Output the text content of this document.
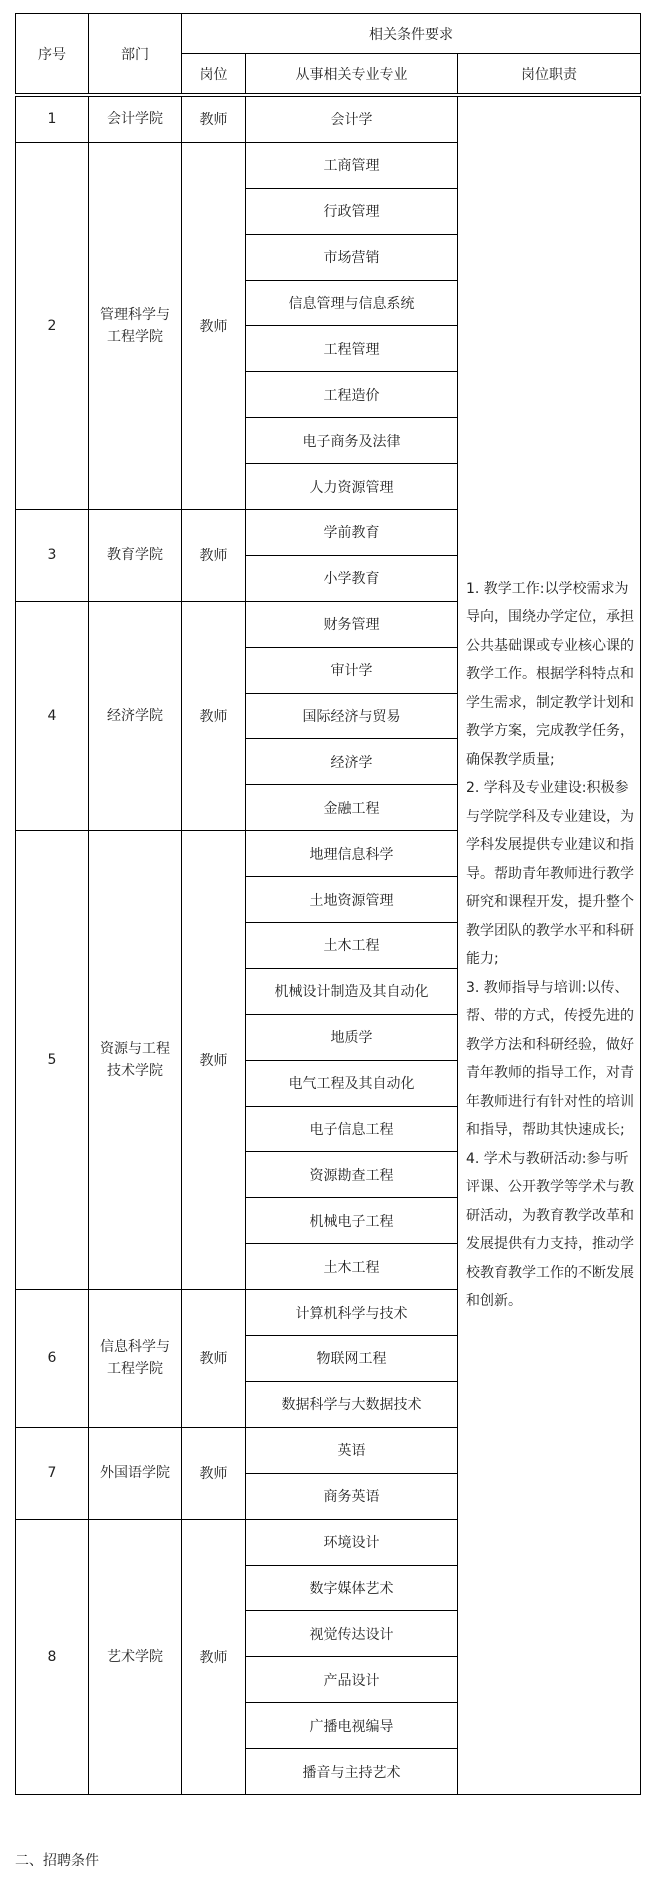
序号	部门	相关条件要求		
		岗位	从事相关专业专业	岗位职责

1	会计学院	教师	会计学	1. 教学工作:以学校需求为导向，围绕办学定位，承担公共基础课或专业核心课的教学工作。根据学科特点和学生需求，制定教学计划和教学方案，完成教学任务，确保教学质量;

2. 学科及专业建设:积极参与学院学科及专业建设，为学科发展提供专业建议和指导。帮助青年教师进行教学研究和课程开发，提升整个教学团队的教学水平和科研能力;

3. 教师指导与培训:以传、帮、带的方式，传授先进的教学方法和科研经验，做好青年教师的指导工作，对青年教师进行有针对性的培训和指导，帮助其快速成长;

4. 学术与教研活动:参与听评课、公开教学等学术与教研活动，为教育教学改革和发展提供有力支持，推动学校教育教学工作的不断发展和创新。

2	管理科学与工程学院	教师	工商管理	
			行政管理	
			市场营销	
			信息管理与信息系统	
			工程管理	
			工程造价	
			电子商务及法律	
			人力资源管理	
3	教育学院	教师	学前教育	
			小学教育	
4	经济学院	教师	财务管理	
			审计学	
			国际经济与贸易	
			经济学	
			金融工程	
5	资源与工程技术学院	教师	地理信息科学	
			土地资源管理	
			土木工程	
			机械设计制造及其自动化	
			地质学	
			电气工程及其自动化	
			电子信息工程	
			资源勘查工程	
			机械电子工程	
			土木工程	
6	信息科学与工程学院	教师	计算机科学与技术	
			物联网工程	
			数据科学与大数据技术	
7	外国语学院	教师	英语	
			商务英语	
8	艺术学院	教师	环境设计	
			数字媒体艺术	
			视觉传达设计	
			产品设计	
			广播电视编导	
			播音与主持艺术	
二、招聘条件
